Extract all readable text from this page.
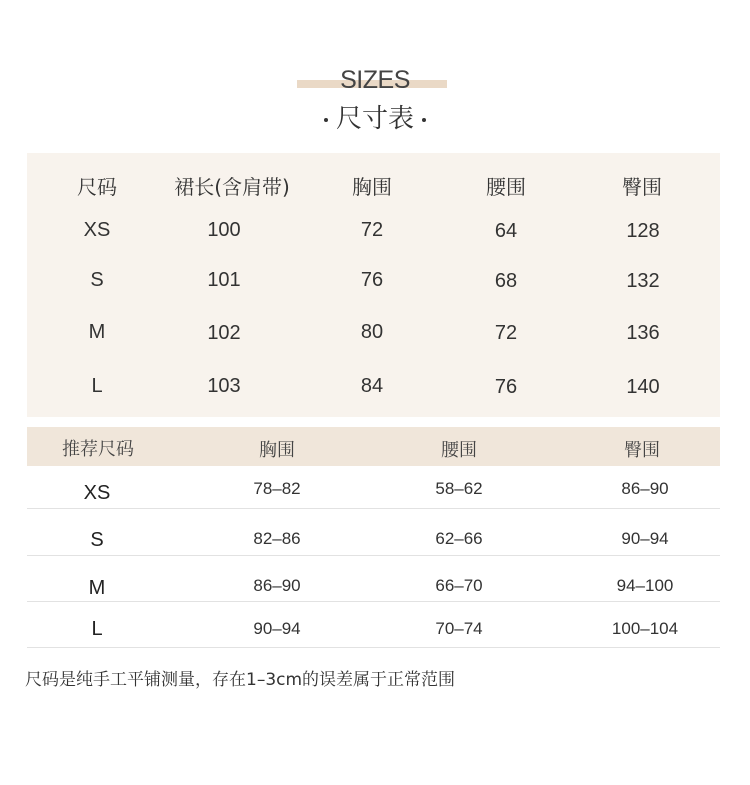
SIZES
尺寸表
尺码	裙长(含肩带)	胸围	腰围	臀围
XS	100	72	64	128
S	101	76	68	132
M	102	80	72	136
L	103	84	76	140
推荐尺码	胸围	腰围	臀围
XS	78–82	58–62	86–90
S	82–86	62–66	90–94
M	86–90	66–70	94–100
L	90–94	70–74	100–104
尺码是纯手工平铺测量，存在1–3cm的误差属于正常范围
